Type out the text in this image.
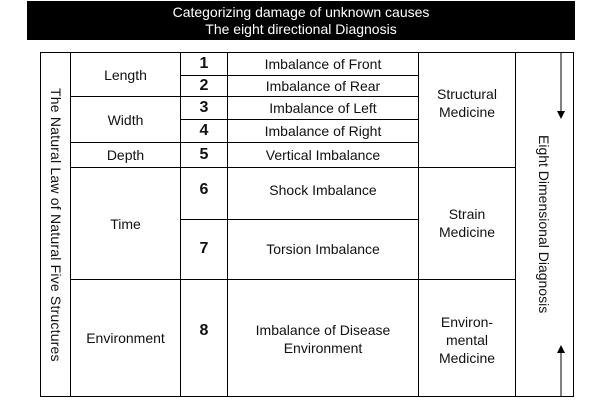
Categorizing damage of unknown causes
The eight directional Diagnosis
The Natural Law of Natural Five Structures
Length
Width
Depth
Time
Environment
1
2
3
4
5
6
7
8
Imbalance of Front
Imbalance of Rear
Imbalance of Left
Imbalance of Right
Vertical Imbalance
Shock Imbalance
Torsion Imbalance
Imbalance of Disease Environment
Structural Medicine
Strain Medicine
Environ-mental Medicine
Eight Dimensional Diagnosis
